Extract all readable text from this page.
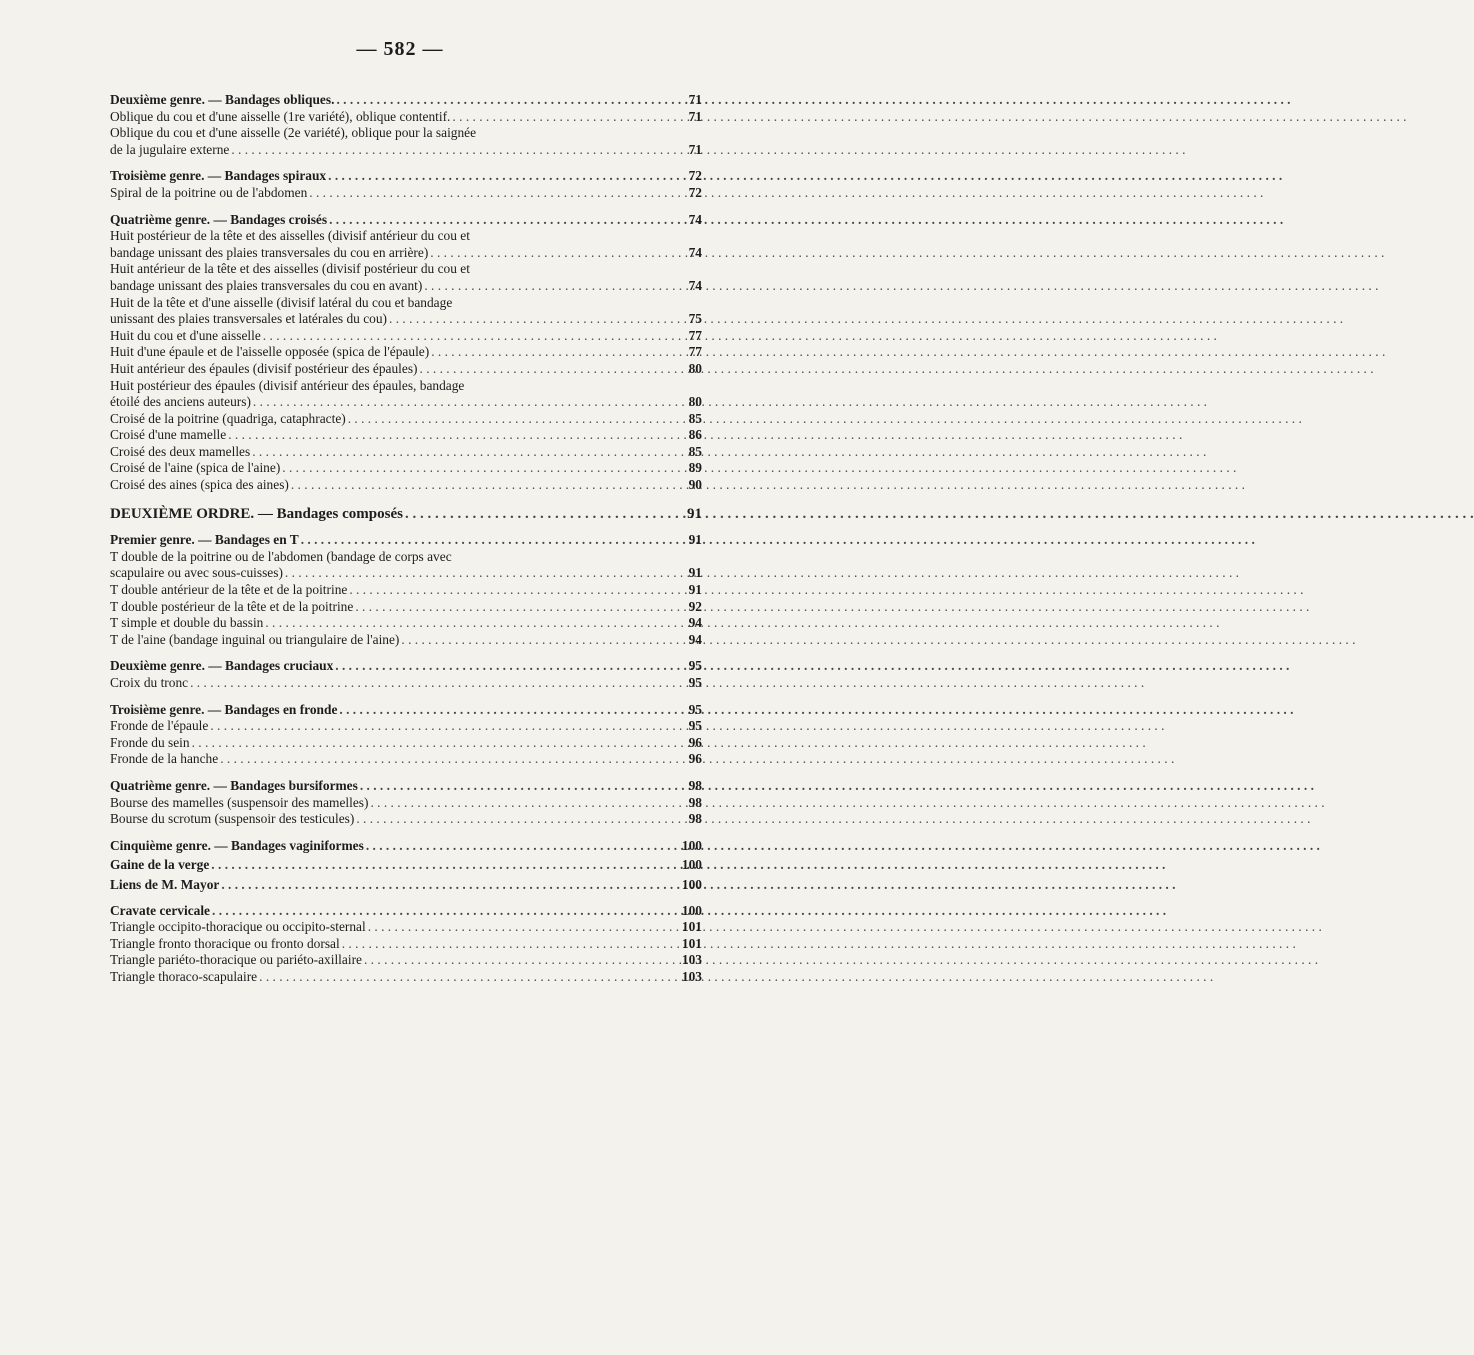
— 582 —
Deuxième genre. — Bandages obliques. . . .	71
Oblique du cou et d'une aisselle (1re variété), oblique contentif. . . .	71
Oblique du cou et d'une aisselle (2e variété), oblique pour la saignée
de la jugulaire externe . . .	71
Troisième genre. — Bandages spiraux . . .	72
Spiral de la poitrine ou de l'abdomen . . .	72
Quatrième genre. — Bandages croisés . . .	74
Huit postérieur de la tête et des aisselles (divisif antérieur du cou et
bandage unissant des plaies transversales du cou en arrière) . . .	74
Huit antérieur de la tête et des aisselles (divisif postérieur du cou et
bandage unissant des plaies transversales du cou en avant) . . .	74
Huit de la tête et d'une aisselle (divisif latéral du cou et bandage
unissant des plaies transversales et latérales du cou) . . .	75
Huit du cou et d'une aisselle . . .	77
Huit d'une épaule et de l'aisselle opposée (spica de l'épaule) . . .	77
Huit antérieur des épaules (divisif postérieur des épaules) . . .	80
Huit postérieur des épaules (divisif antérieur des épaules, bandage
étoilé des anciens auteurs) . . .	80
Croisé de la poitrine (quadriga, cataphracte) . . .	85
Croisé d'une mamelle . . .	86
Croisé des deux mamelles . . .	85
Croisé de l'aine (spica de l'aine) . . .	89
Croisé des aines (spica des aines) . . .	90
DEUXIÈME ORDRE. — Bandages composés . . .	91
Premier genre. — Bandages en T . . .	91
T double de la poitrine ou de l'abdomen (bandage de corps avec
scapulaire ou avec sous-cuisses) . . .	91
T double antérieur de la tête et de la poitrine . . .	91
T double postérieur de la tête et de la poitrine . . .	92
T simple et double du bassin . . .	94
T de l'aine (bandage inguinal ou triangulaire de l'aine) . . .	94
Deuxième genre. — Bandages cruciaux . . .	95
Croix du tronc . . .	95
Troisième genre. — Bandages en fronde . . .	95
Fronde de l'épaule . . .	95
Fronde du sein . . .	96
Fronde de la hanche . . .	96
Quatrième genre. — Bandages bursiformes . . .	98
Bourse des mamelles (suspensoir des mamelles) . . .	98
Bourse du scrotum (suspensoir des testicules) . . .	98
Cinquième genre. — Bandages vaginiformes . . .	100
Gaine de la verge . . .	100
Liens de M. Mayor . . .	100
Cravate cervicale . . .	100
Triangle occipito-thoracique ou occipito-sternal . . .	101
Triangle fronto thoracique ou fronto dorsal . . .	101
Triangle pariéto-thoracique ou pariéto-axillaire . . .	103
Triangle thoraco-scapulaire . . .	103
